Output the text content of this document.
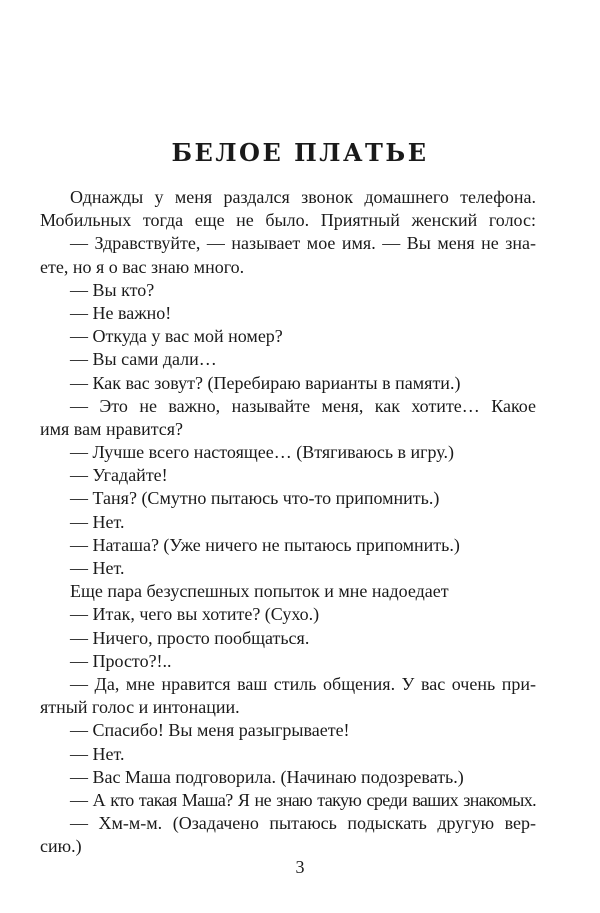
БЕЛОЕ ПЛАТЬЕ
Однажды у меня раздался звонок домашнего телефона.
Мобильных тогда еще не было. Приятный женский голос:
— Здравствуйте, — называет мое имя. — Вы меня не зна-
ете, но я о вас знаю много.
— Вы кто?
— Не важно!
— Откуда у вас мой номер?
— Вы сами дали…
— Как вас зовут? (Перебираю варианты в памяти.)
— Это не важно, называйте меня, как хотите… Какое
имя вам нравится?
— Лучше всего настоящее… (Втягиваюсь в игру.)
— Угадайте!
— Таня? (Смутно пытаюсь что-то припомнить.)
— Нет.
— Наташа? (Уже ничего не пытаюсь припомнить.)
— Нет.
Еще пара безуспешных попыток и мне надоедает
— Итак, чего вы хотите? (Сухо.)
— Ничего, просто пообщаться.
— Просто?!..
— Да, мне нравится ваш стиль общения. У вас очень при-
ятный голос и интонации.
— Спасибо! Вы меня разыгрываете!
— Нет.
— Вас Маша подговорила. (Начинаю подозревать.)
— А кто такая Маша? Я не знаю такую среди ваших знакомых.
— Хм-м-м. (Озадачено пытаюсь подыскать другую вер-
сию.)
3
